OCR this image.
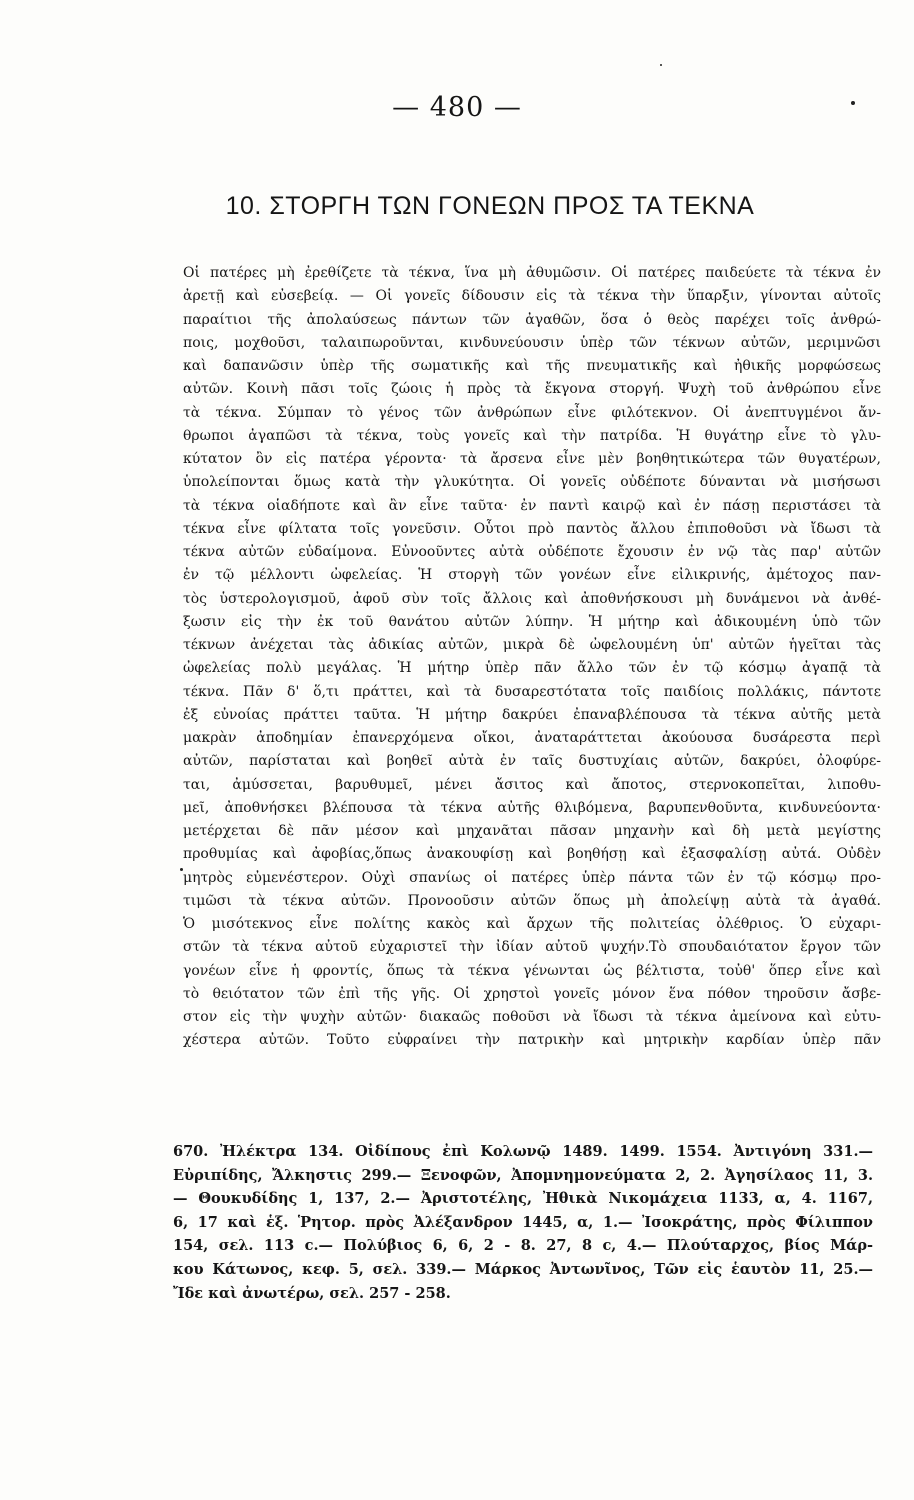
— 480 —
10. ΣΤΟΡΓΗ ΤΩΝ ΓΟΝΕΩΝ ΠΡΟΣ ΤΑ ΤΕΚΝΑ
Οἱ πατέρες μὴ ἐρεθίζετε τὰ τέκνα, ἵνα μὴ ἀθυμῶσιν. Οἱ πατέρες παιδεύετε τὰ τέκνα ἐν
ἀρετῇ καὶ εὐσεβείᾳ. — Οἱ γονεῖς δίδουσιν εἰς τὰ τέκνα τὴν ὕπαρξιν, γίνονται αὐτοῖς
παραίτιοι τῆς ἀπολαύσεως πάντων τῶν ἀγαθῶν, ὅσα ὁ θεὸς παρέχει τοῖς ἀνθρώ-
ποις, μοχθοῦσι, ταλαιπωροῦνται, κινδυνεύουσιν ὑπὲρ τῶν τέκνων αὐτῶν, μεριμνῶσι
καὶ δαπανῶσιν ὑπὲρ τῆς σωματικῆς καὶ τῆς πνευματικῆς καὶ ἠθικῆς μορφώσεως
αὐτῶν. Κοινὴ πᾶσι τοῖς ζώοις ἡ πρὸς τὰ ἔκγονα στοργή. Ψυχὴ τοῦ ἀνθρώπου εἶνε
τὰ τέκνα. Σύμπαν τὸ γένος τῶν ἀνθρώπων εἶνε φιλότεκνον. Οἱ ἀνεπτυγμένοι ἄν-
θρωποι ἀγαπῶσι τὰ τέκνα, τοὺς γονεῖς καὶ τὴν πατρίδα. Ἡ θυγάτηρ εἶνε τὸ γλυ-
κύτατον ὂν εἰς πατέρα γέροντα· τὰ ἄρσενα εἶνε μὲν βοηθητικώτερα τῶν θυγατέρων,
ὑπολείπονται ὅμως κατὰ τὴν γλυκύτητα. Οἱ γονεῖς οὐδέποτε δύνανται νὰ μισήσωσι
τὰ τέκνα οἱαδήποτε καὶ ἂν εἶνε ταῦτα· ἐν παντὶ καιρῷ καὶ ἐν πάσῃ περιστάσει τὰ
τέκνα εἶνε φίλτατα τοῖς γονεῦσιν. Οὗτοι πρὸ παντὸς ἄλλου ἐπιποθοῦσι νὰ ἴδωσι τὰ
τέκνα αὐτῶν εὐδαίμονα. Εὐνοοῦντες αὐτὰ οὐδέποτε ἔχουσιν ἐν νῷ τὰς παρ' αὐτῶν
ἐν τῷ μέλλοντι ὠφελείας. Ἡ στοργὴ τῶν γονέων εἶνε εἰλικρινής, ἀμέτοχος παν-
τὸς ὑστερολογισμοῦ, ἀφοῦ σὺν τοῖς ἄλλοις καὶ ἀποθνήσκουσι μὴ δυνάμενοι νὰ ἀνθέ-
ξωσιν εἰς τὴν ἐκ τοῦ θανάτου αὐτῶν λύπην. Ἡ μήτηρ καὶ ἀδικουμένη ὑπὸ τῶν
τέκνων ἀνέχεται τὰς ἀδικίας αὐτῶν, μικρὰ δὲ ὠφελουμένη ὑπ' αὐτῶν ἡγεῖται τὰς
ὠφελείας πολὺ μεγάλας. Ἡ μήτηρ ὑπὲρ πᾶν ἄλλο τῶν ἐν τῷ κόσμῳ ἀγαπᾷ τὰ
τέκνα. Πᾶν δ' ὅ,τι πράττει, καὶ τὰ δυσαρεστότατα τοῖς παιδίοις πολλάκις, πάντοτε
ἐξ εὐνοίας πράττει ταῦτα. Ἡ μήτηρ δακρύει ἐπαναβλέπουσα τὰ τέκνα αὐτῆς μετὰ
μακρὰν ἀποδημίαν ἐπανερχόμενα οἴκοι, ἀναταράττεται ἀκούουσα δυσάρεστα περὶ
αὐτῶν, παρίσταται καὶ βοηθεῖ αὐτὰ ἐν ταῖς δυστυχίαις αὐτῶν, δακρύει, ὀλοφύρε-
ται, ἀμύσσεται, βαρυθυμεῖ, μένει ἄσιτος καὶ ἄποτος, στερνοκοπεῖται, λιποθυ-
μεῖ, ἀποθνήσκει βλέπουσα τὰ τέκνα αὐτῆς θλιβόμενα, βαρυπενθοῦντα, κινδυνεύοντα·
μετέρχεται δὲ πᾶν μέσον καὶ μηχανᾶται πᾶσαν μηχανὴν καὶ δὴ μετὰ μεγίστης
προθυμίας καὶ ἀφοβίας,ὅπως ἀνακουφίσῃ καὶ βοηθήσῃ καὶ ἐξασφαλίσῃ αὐτά. Οὐδὲν
μητρὸς εὐμενέστερον. Οὐχὶ σπανίως οἱ πατέρες ὑπὲρ πάντα τῶν ἐν τῷ κόσμῳ προ-
τιμῶσι τὰ τέκνα αὐτῶν. Προνοοῦσιν αὐτῶν ὅπως μὴ ἀπολείψῃ αὐτὰ τὰ ἀγαθά.
Ὁ μισότεκνος εἶνε πολίτης κακὸς καὶ ἄρχων τῆς πολιτείας ὀλέθριος. Ὁ εὐχαρι-
στῶν τὰ τέκνα αὐτοῦ εὐχαριστεῖ τὴν ἰδίαν αὐτοῦ ψυχήν.Τὸ σπουδαιότατον ἔργον τῶν
γονέων εἶνε ἡ φροντίς, ὅπως τὰ τέκνα γένωνται ὡς βέλτιστα, τοὐθ' ὅπερ εἶνε καὶ
τὸ θειότατον τῶν ἐπὶ τῆς γῆς. Οἱ χρηστοὶ γονεῖς μόνον ἕνα πόθον τηροῦσιν ἄσβε-
στον εἰς τὴν ψυχὴν αὐτῶν· διακαῶς ποθοῦσι νὰ ἴδωσι τὰ τέκνα ἀμείνονα καὶ εὐτυ-
χέστερα αὐτῶν. Τοῦτο εὐφραίνει τὴν πατρικὴν καὶ μητρικὴν καρδίαν ὑπὲρ πᾶν
670. Ἠλέκτρα 134. Οἰδίπους ἐπὶ Κολωνῷ 1489. 1499. 1554. Ἀντιγόνη 331.—
Εὐριπίδης, Ἄλκηστις 299.— Ξενοφῶν, Ἀπομνημονεύματα 2, 2. Ἀγησίλαος 11, 3.
— Θουκυδίδης 1, 137, 2.— Ἀριστοτέλης, Ἠθικὰ Νικομάχεια 1133, α, 4. 1167,
6, 17 καὶ ἑξ. Ῥητορ. πρὸς Ἀλέξανδρον 1445, α, 1.— Ἰσοκράτης, πρὸς Φίλιππον
154, σελ. 113 c.— Πολύβιος 6, 6, 2 - 8. 27, 8 c, 4.— Πλούταρχος, βίος Μάρ-
κου Κάτωνος, κεφ. 5, σελ. 339.— Μάρκος Ἀντωνῖνος, Τῶν εἰς ἑαυτὸν 11, 25.—
Ἴδε καὶ ἀνωτέρω, σελ. 257 - 258.
